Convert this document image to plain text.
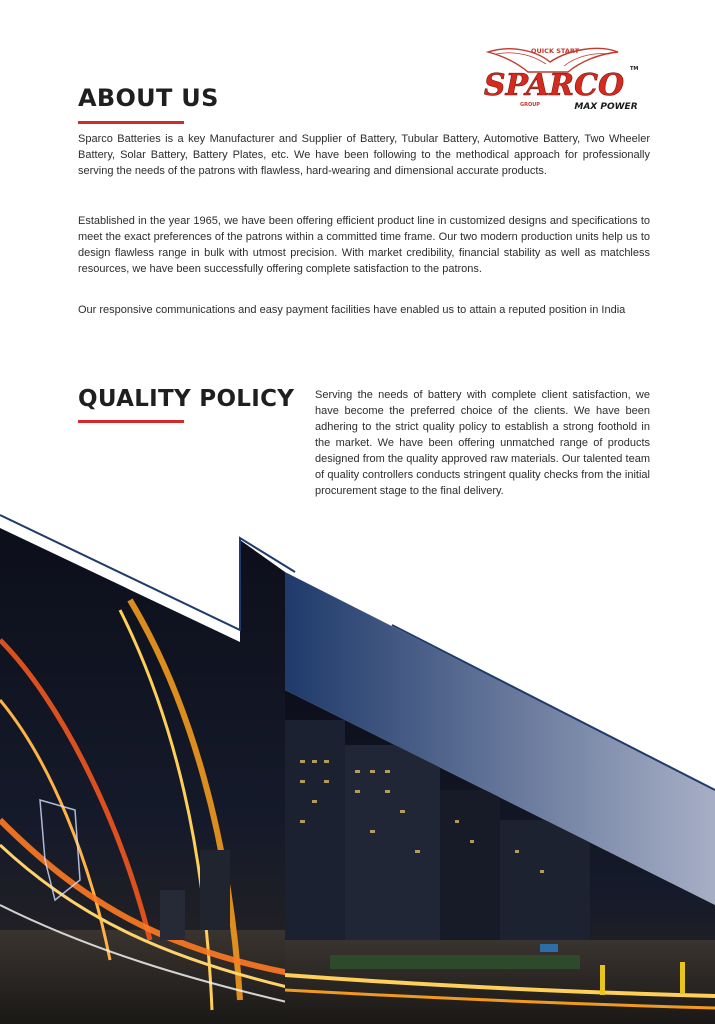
QUICK START
SPARCO TM
GROUP	MAX POWER
ABOUT US

Sparco Batteries is a key Manufacturer and Supplier of Battery, Tubular Battery, Automotive Battery, Two Wheeler Battery, Solar Battery, Battery Plates, etc. We have been following to the methodical approach for professionally serving the needs of the patrons with flawless, hard-wearing and dimensional accurate products.

Established in the year 1965, we have been offering efficient product line in customized designs and specifications to meet the exact preferences of the patrons within a committed time frame. Our two modern production units help us to design flawless range in bulk with utmost precision. With market credibility, financial stability as well as matchless resources, we have been successfully offering complete satisfaction to the patrons.

Our responsive communications and easy payment facilities have enabled us to attain a reputed position in India

QUALITY POLICY Serving the needs of battery with complete client satisfaction, we have become the preferred choice of the clients. We have been adhering to the strict quality policy to establish a strong foothold in the market. We have been offering unmatched range of products designed from the quality approved raw materials. Our talented team of quality controllers conducts stringent quality checks from the initial procurement stage to the final delivery.
